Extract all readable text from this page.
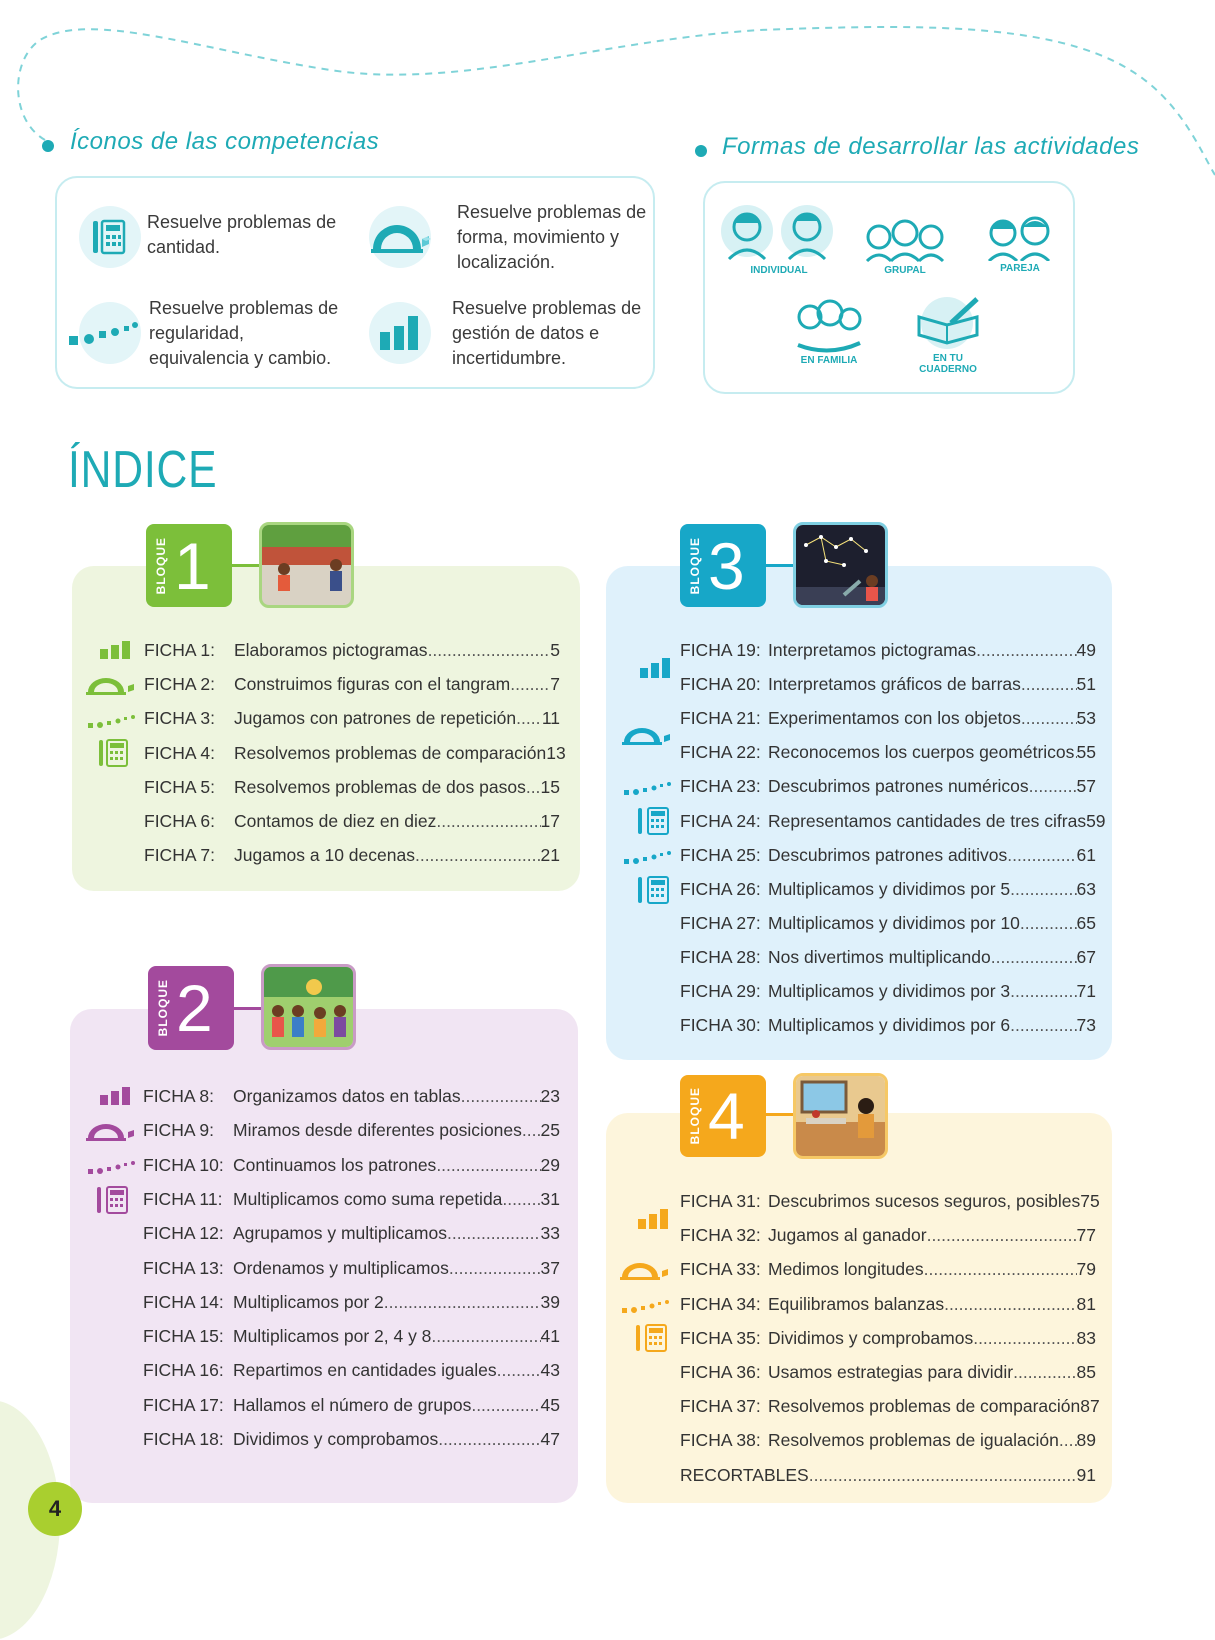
Íconos de las competencias
Resuelve problemas de cantidad.
Resuelve problemas de forma, movimiento y localización.
Resuelve problemas de regularidad, equivalencia y cambio.
Resuelve problemas de gestión de datos e incertidumbre.
Formas de desarrollar las actividades
INDIVIDUAL	GRUPAL	PAREJA
EN FAMILIA	EN TU CUADERNO
ÍNDICE
BLOQUE 1
FICHA 1:	Elaboramos pictogramas .....	5
FICHA 2:	Construimos figuras con el tangram ..... 7
FICHA 3:	Jugamos con patrones de repetición ..... 11
FICHA 4:	Resolvemos problemas de comparación 13
FICHA 5:	Resolvemos problemas de dos pasos ..... 15
FICHA 6:	Contamos de diez en diez .....	17
FICHA 7:	Jugamos a 10 decenas .....	21
BLOQUE 2
FICHA 8:	Organizamos datos en tablas .....	23
FICHA 9:	Miramos desde diferentes posiciones ..... 25
FICHA 10: Continuamos los patrones .....	29
FICHA 11: Multiplicamos como suma repetida ..... 31
FICHA 12: Agrupamos y multiplicamos .....	33
FICHA 13: Ordenamos y multiplicamos .....	37
FICHA 14: Multiplicamos por 2 .....	39
FICHA 15: Multiplicamos por 2, 4 y 8 .....	41
FICHA 16: Repartimos en cantidades iguales .....	43
FICHA 17: Hallamos el número de grupos .....	45
FICHA 18: Dividimos y comprobamos .....	47
BLOQUE 3
FICHA 19: Interpretamos pictogramas .....	49
FICHA 20: Interpretamos gráficos de barras .....	51
FICHA 21: Experimentamos con los objetos .....	53
FICHA 22: Reconocemos los cuerpos geométricos ..... 55
FICHA 23: Descubrimos patrones numéricos .....	57
FICHA 24: Representamos cantidades de tres cifras 59
FICHA 25: Descubrimos patrones aditivos .....	61
FICHA 26: Multiplicamos y dividimos por 5 .....	63
FICHA 27: Multiplicamos y dividimos por 10 .....	65
FICHA 28: Nos divertimos multiplicando .....	67
FICHA 29: Multiplicamos y dividimos por 3 .....	71
FICHA 30: Multiplicamos y dividimos por 6 .....	73
BLOQUE 4
FICHA 31: Descubrimos sucesos seguros, posibles 75
FICHA 32: Jugamos al ganador .....	77
FICHA 33: Medimos longitudes .....	79
FICHA 34: Equilibramos balanzas .....	81
FICHA 35: Dividimos y comprobamos .....	83
FICHA 36: Usamos estrategias para dividir .....	85
FICHA 37: Resolvemos problemas de comparación 87
FICHA 38: Resolvemos problemas de igualación ..... 89
RECORTABLES .....	91
4
